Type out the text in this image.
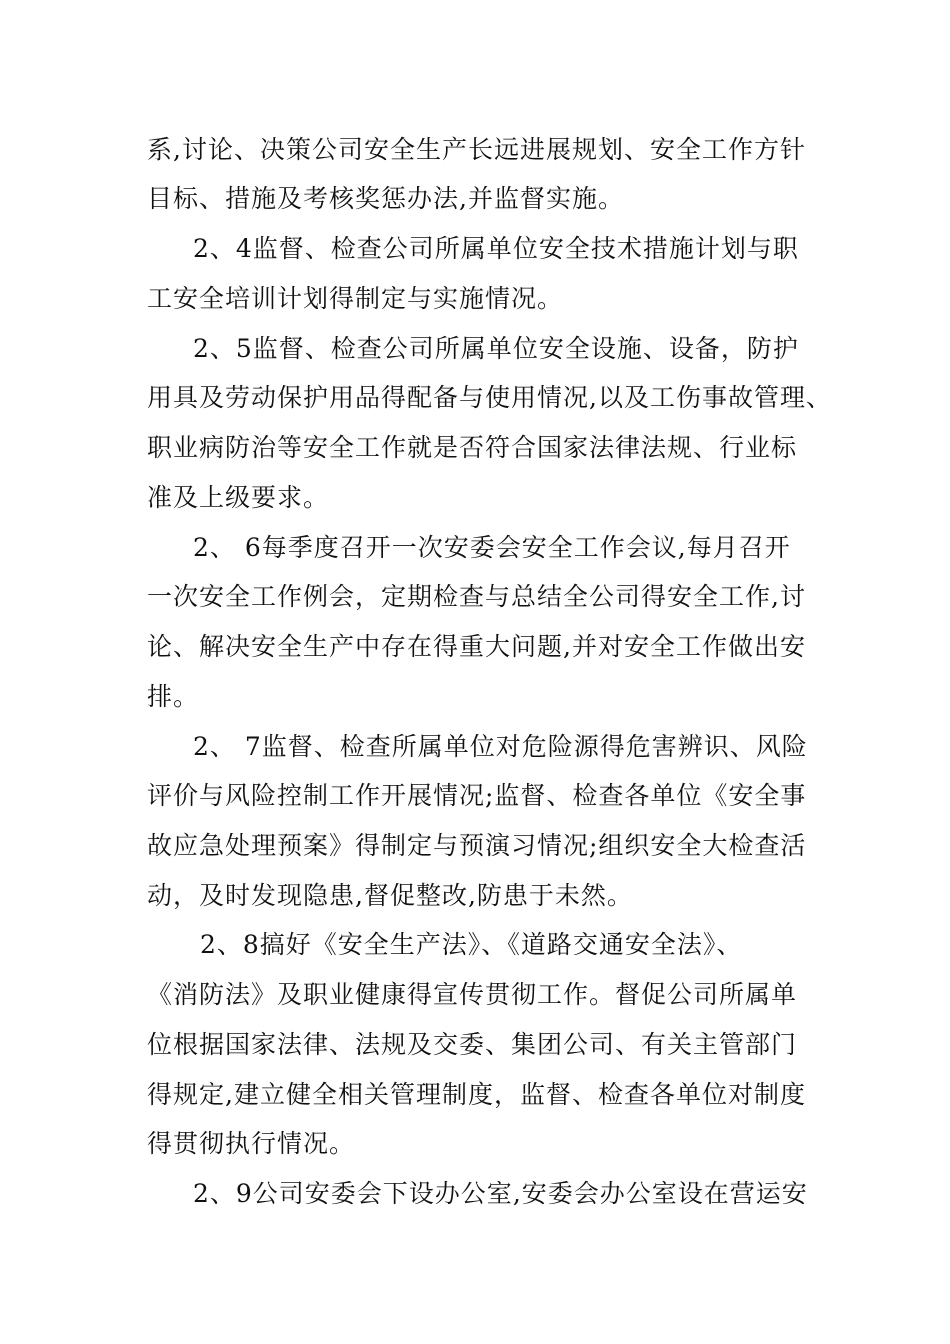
系,讨论、决策公司安全生产长远进展规划、安全工作方针
目标、措施及考核奖惩办法,并监督实施。
2、4监督、检查公司所属单位安全技术措施计划与职
工安全培训计划得制定与实施情况。
2、5监督、检查公司所属单位安全设施、设备，防护
用具及劳动保护用品得配备与使用情况,以及工伤事故管理、
职业病防治等安全工作就是否符合国家法律法规、行业标
准及上级要求。
2、 6每季度召开一次安委会安全工作会议,每月召开
一次安全工作例会，定期检查与总结全公司得安全工作,讨
论、解决安全生产中存在得重大问题,并对安全工作做出安
排。
2、 7监督、检查所属单位对危险源得危害辨识、风险
评价与风险控制工作开展情况;监督、检查各单位《安全事
故应急处理预案》得制定与预演习情况;组织安全大检查活
动，及时发现隐患,督促整改,防患于未然。
2、8搞好《安全生产法》、《道路交通安全法》、
《消防法》及职业健康得宣传贯彻工作。督促公司所属单
位根据国家法律、法规及交委、集团公司、有关主管部门
得规定,建立健全相关管理制度，监督、检查各单位对制度
得贯彻执行情况。
2、9公司安委会下设办公室,安委会办公室设在营运安
